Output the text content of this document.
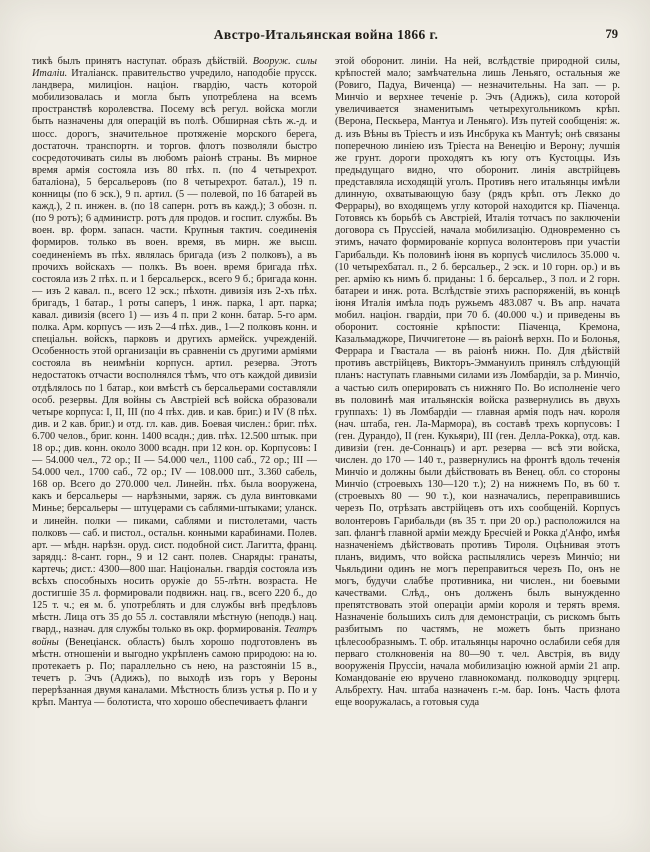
Австро-Итальянская война 1866 г.	79

тикѣ былъ принятъ наступат. образъ дѣйствій. Вооруж. силы Италіи. Италіанск. правительство учредило, наподобіе прусск. ландвера, милиціон. націон. гвардію, часть которой мобилизовалась и могла быть употреблена на всемъ пространствѣ королевства. Посему всѣ регул. войска могли быть назначены для операцій въ полѣ. Обширная сѣть ж.-д. и шосс. дорогъ, значительное протяженіе морского берега, достаточн. транспортн. и торгов. флотъ позволяли быстро сосредоточивать силы въ любомъ раіонѣ страны. Въ мирное время армія состояла изъ 80 пѣх. п. (по 4 четырехрот. баталіона), 5 берсальеровъ (по 8 четырехрот. батал.), 19 п. конницы (по 6 эск.), 9 п. артил. (5 — полевой, по 16 батарей въ кажд.), 2 п. инжен. в. (по 18 саперн. ротъ въ кажд.); 3 обозн. п. (по 9 ротъ); 6 администр. ротъ для продов. и госпит. службы. Въ воен. вр. форм. запасн. части. Крупныя тактич. соединенія формиров. только въ воен. время, въ мирн. же высш. соединеніемъ въ пѣх. являлась бригада (изъ 2 полковъ), а въ прочихъ войскахъ — полкъ. Въ воен. время бригада пѣх. состояла изъ 2 пѣх. п. и 1 берсальерск., всего 9 б.; бригада конн. — изъ 2 кавал. п., всего 12 эск.; пѣхотн. дивизія изъ 2-хъ пѣх. бригадъ, 1 батар., 1 роты саперъ, 1 инж. парка, 1 арт. парка; кавал. дивизія (всего 1) — изъ 4 п. при 2 конн. батар. 5-го арм. полка. Арм. корпусъ — изъ 2—4 пѣх. див., 1—2 полковъ конн. и спеціальн. войскъ, парковъ и другихъ армейск. учрежденій. Особенность этой организаціи въ сравненіи съ другими арміями состояла въ неимѣніи корпусн. артил. резерва. Этотъ недостатокъ отчасти восполнялся тѣмъ, что отъ каждой дивизіи отдѣлялось по 1 батар., кои вмѣстѣ съ берсальерами составляли особ. резервы. Для войны съ Австріей всѣ войска образовали четыре корпуса: I, II, III (по 4 пѣх. див. и кав. бриг.) и IV (8 пѣх. див. и 2 кав. бриг.) и отд. гл. кав. див. Боевая числен.: бриг. пѣх. 6.700 челов., бриг. конн. 1400 всадн.; див. пѣх. 12.500 штык. при 18 ор.; див. конн. около 3000 всадн. при 12 кон. ор. Корпусовъ: I — 54.000 чел., 72 ор.; II — 54.000 чел., 1100 саб., 72 ор.; III — 54.000 чел., 1700 саб., 72 ор.; IV — 108.000 шт., 3.360 сабель, 168 ор. Всего до 270.000 чел. Линейн. пѣх. была вооружена, какъ и берсальеры — нарѣзными, заряж. съ дула винтовками Минье; берсальеры — штуцерами съ саблями-штыками; уланск. и линейн. полки — пиками, саблями и пистолетами, часть полковъ — саб. и пистол., остальн. конными карабинами. Полев. арт. — мѣдн. нарѣзн. оруд. сист. подобной сист. Лагитта, франц. зарядц.: 8-сант. горн., 9 и 12 сант. полев. Снаряды: гранаты, картечь; дист.: 4300—800 шаг. Національн. гвардія состояла изъ всѣхъ способныхъ носить оружіе до 55-лѣтн. возраста. Не достигшіе 35 л. формировали подвижн. нац. гв., всего 220 б., до 125 т. ч.; ея м. б. употреблять и для службы внѣ предѣловъ мѣстн. Лица отъ 35 до 55 л. составляли мѣстную (неподв.) нац. гвард., назнач. для службы только въ окр. формированія. Театръ войны (Венеціанск. область) былъ хорошо подготовленъ въ мѣстн. отношеніи и выгодно укрѣпленъ самою природою: на ю. протекаетъ р. По; параллельно съ нею, на разстояніи 15 в., течетъ р. Эчъ (Адижъ), по выходѣ изъ горъ у Вероны перерѣзанная двумя каналами. Мѣстность близъ устья р. По и у крѣп. Мантуа — болотиста, что хорошо обеспечиваетъ фланги

этой оборонит. линіи. На ней, вслѣдствіе природной силы, крѣпостей мало; замѣчательна лишь Леньяго, остальныя же (Ровиго, Падуа, Виченца) — незначительны. На зап. — р. Минчіо и верхнее теченіе р. Эчъ (Адижъ), сила которой увеличивается знаменитымъ четырехугольникомъ крѣп. (Верона, Пескьера, Мантуа и Леньяго). Изъ путей сообщенія: ж. д. изъ Вѣны въ Тріестъ и изъ Инсбрука къ Мантуѣ; онѣ связаны поперечною линіею изъ Тріеста на Венецію и Верону; лучшія же грунт. дороги проходятъ къ югу отъ Кустоццы. Изъ предыдущаго видно, что оборонит. линія австрійцевъ представляла исходящій уголъ. Противъ него итальянцы имѣли длинную, охватывающую базу (рядъ крѣп. отъ Лекко до Феррары), во входящемъ углу которой находится кр. Піаченца. Готовясь къ борьбѣ съ Австріей, Италія тотчасъ по заключеніи договора съ Пруссіей, начала мобилизацію. Одновременно съ этимъ, начато формированіе корпуса волонтеровъ при участіи Гарибальди. Къ половинѣ іюня въ корпусѣ числилось 35.000 ч. (10 четырехбатал. п., 2 б. берсальер., 2 эск. и 10 горн. ор.) и въ рег. армію къ нимъ б. приданы: 1 б. берсальер., 3 пол. и 2 горн. батареи и инж. рота. Вслѣдствіе этихъ распоряженій, въ концѣ іюня Италія имѣла подъ ружьемъ 483.087 ч. Въ апр. начата мобил. націон. гвардіи, при 70 б. (40.000 ч.) и приведены въ оборонит. состояніе крѣпости: Піаченца, Кремона, Казальмаджоре, Пиччигетоне — въ раіонѣ верхн. По и Болонья, Феррара и Гвастала — въ раіонѣ нижн. По. Для дѣйствій противъ австрійцевъ, Викторъ-Эммануилъ принялъ слѣдующій планъ: наступать главными силами изъ Ломбардіи, за р. Минчіо, а частью силъ оперировать съ нижняго По. Во исполненіе чего въ половинѣ мая итальянскія войска развернулись въ двухъ группахъ: 1) въ Ломбардіи — главная армія подъ нач. короля (нач. штаба, ген. Ла-Мармора), въ составѣ трехъ корпусовъ: I (ген. Дурандо), II (ген. Кукьяри), III (ген. Делла-Рокка), отд. кав. дивизіи (ген. де-Соннацъ) и арт. резерва — всѣ эти войска, числен. до 170 — 140 т., развернулись на фронтѣ вдоль теченія Минчіо и должны были дѣйствовать въ Венец. обл. со стороны Минчіо (строевыхъ 130—120 т.); 2) на нижнемъ По, въ 60 т. (строевыхъ 80 — 90 т.), кои назначались, переправившись черезъ По, отрѣзать австрійцевъ отъ ихъ сообщеній. Корпусъ волонтеровъ Гарибальди (въ 35 т. при 20 ор.) расположился на зап. флангѣ главной арміи между Бресчіей и Рокка д'Анфо, имѣя назначеніемъ дѣйствовать противъ Тироля. Оцѣнивая этотъ планъ, видимъ, что войска распылялись черезъ Минчіо; ни Чьяльдини одинъ не могъ переправиться черезъ По, онъ не могъ, будучи слабѣе противника, ни числен., ни боевыми качествами. Слѣд., онъ долженъ былъ вынужденно препятствовать этой операціи арміи короля и терять время. Назначеніе большихъ силъ для демонстраціи, съ рискомъ быть разбитымъ по частямъ, не можетъ быть признано цѣлесообразнымъ. Т. обр. итальянцы нарочно ослабили себя для перваго столкновенія на 80—90 т. чел. Австрія, въ виду вооруженія Пруссіи, начала мобилизацію южной арміи 21 апр. Командованіе ею вручено главнокоманд. полководцу эрцгерц. Альбрехту. Нач. штаба назначенъ г.-м. бар. Іонъ. Часть флота еще вооружалась, а готовыя суда
